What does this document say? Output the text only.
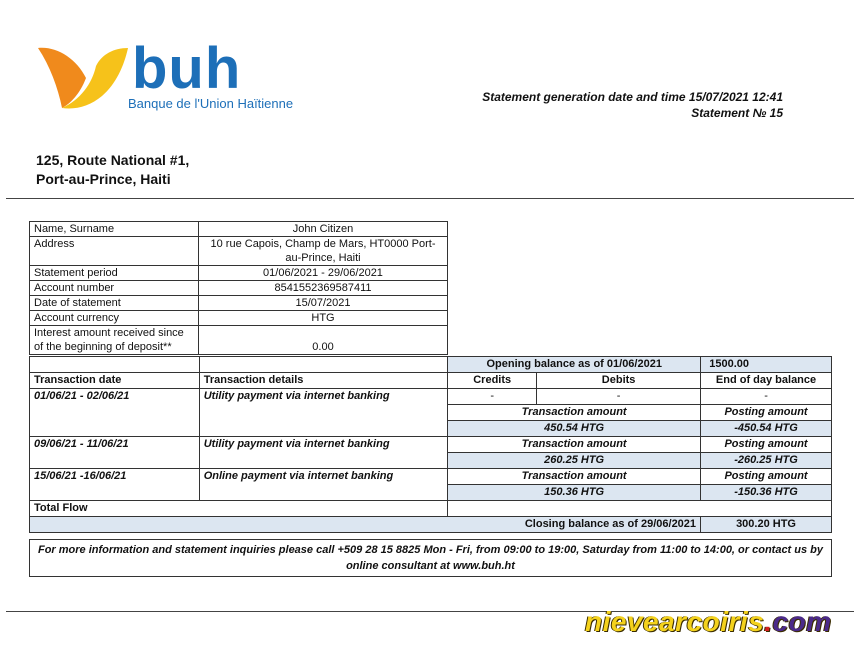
buh
Banque de l'Union Haïtienne	Statement generation date and time 15/07/2021 12:41
Statement № 15
125, Route National #1,
Port-au-Prince, Haiti
Name, Surname	John Citizen
Address	10 rue Capois, Champ de Mars, HT0000 Port-au-Prince, Haiti
Statement period	01/06/2021 - 29/06/2021
Account number	8541552369587411
Date of statement	15/07/2021
Account currency	HTG
Interest amount received since of the beginning of deposit**	0.00

		Opening balance as of 01/06/2021 1500.00		

Transaction date	Transaction details	Credits	Debits	End of day balance
01/06/21 - 02/06/21	Utility payment via internet banking	-	-	-
		Transaction amount		Posting amount
		450.54 HTG		-450.54 HTG
09/06/21 - 11/06/21	Utility payment via internet banking	Transaction amount		Posting amount
		260.25 HTG		-260.25 HTG
15/06/21 -16/06/21	Online payment via internet banking	Transaction amount		Posting amount
		150.36 HTG		-150.36 HTG
Total Flow				
		Closing balance as of 29/06/2021		300.20 HTG
For more information and statement inquiries please call +509 28 15 8825 Mon - Fri, from 09:00 to 19:00, Saturday from 11:00 to 14:00, or contact us by online consultant at www.buh.ht
nievearcoiris.com
